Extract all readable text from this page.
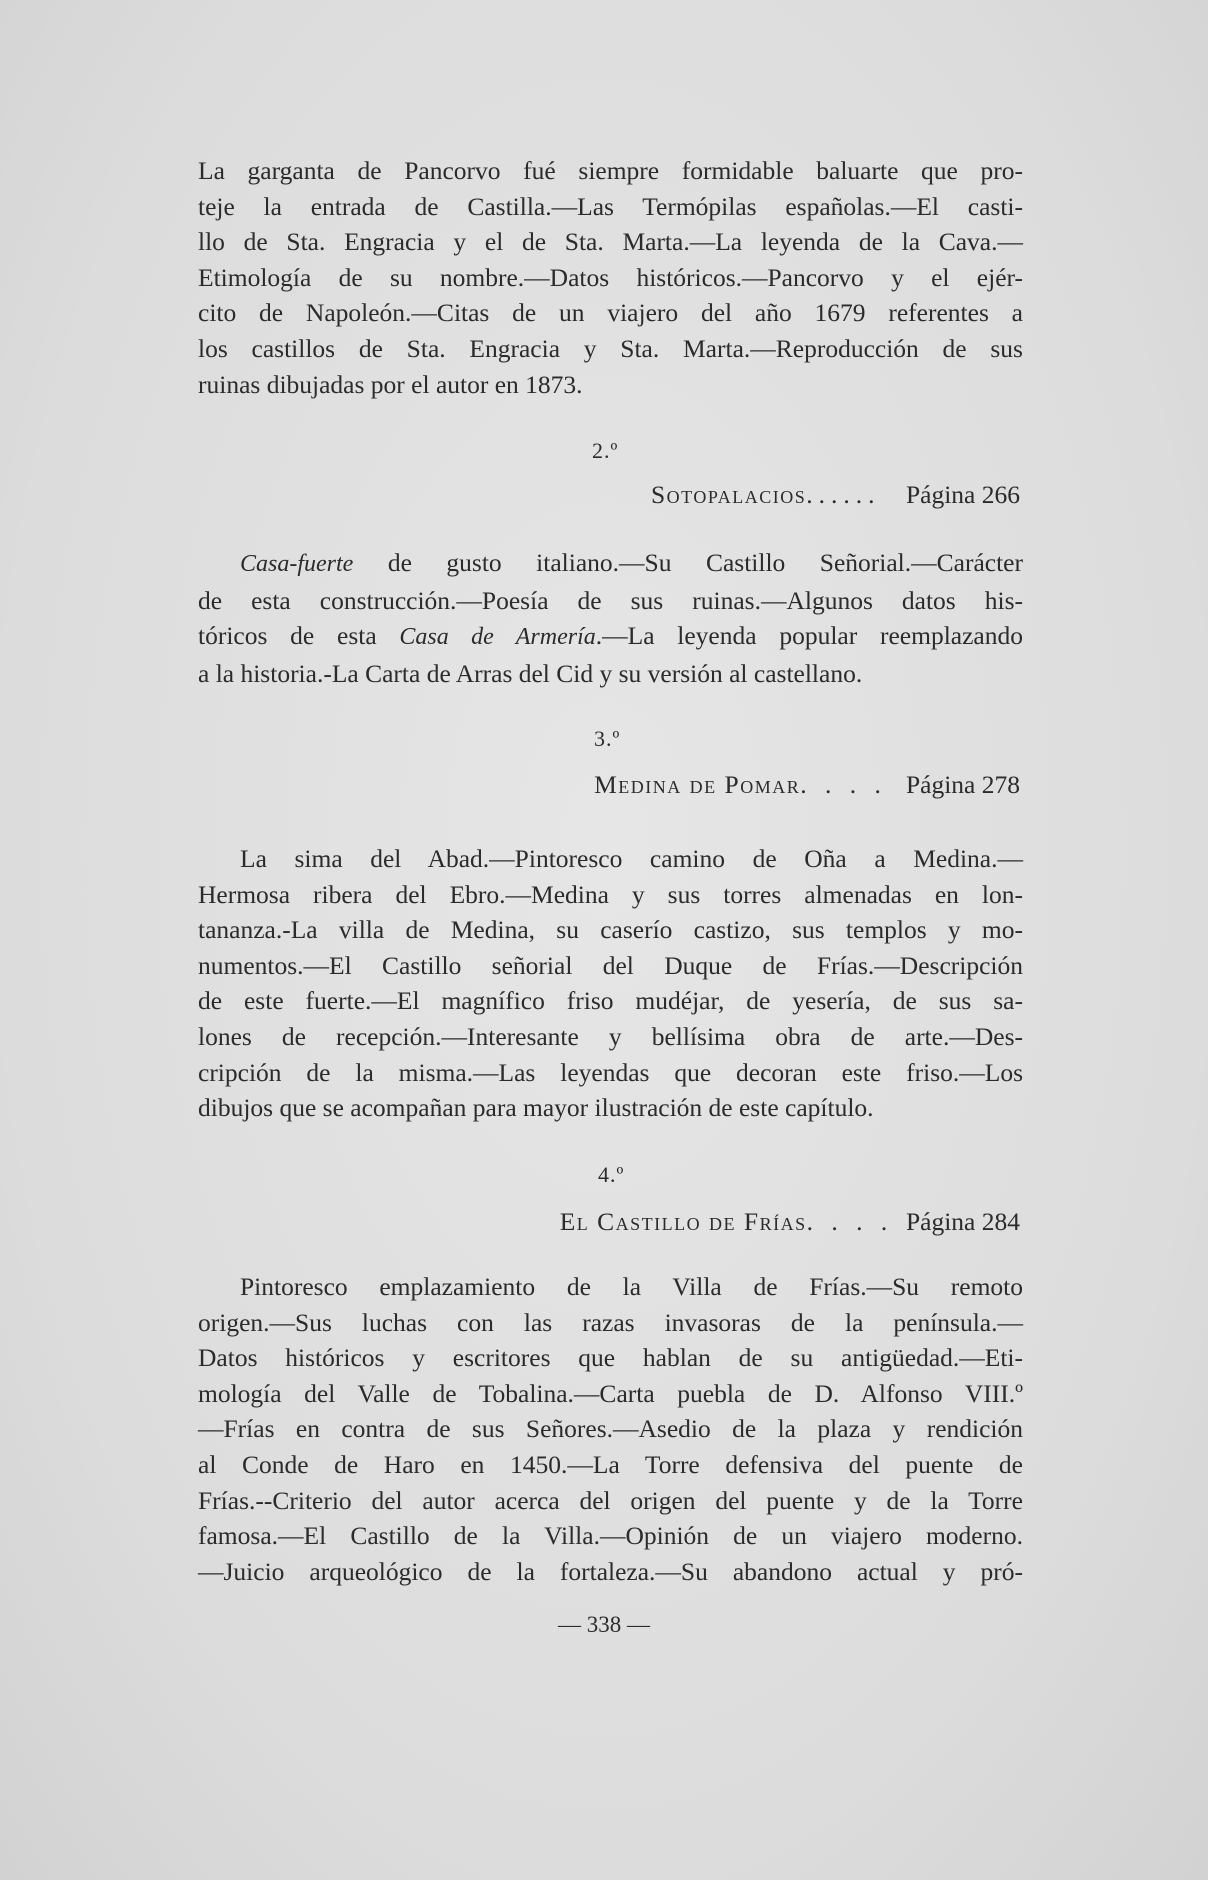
La garganta de Pancorvo fué siempre formidable baluarte que pro-
teje la entrada de Castilla.—Las Termópilas españolas.—El casti-
llo de Sta. Engracia y el de Sta. Marta.—La leyenda de la Cava.—
Etimología de su nombre.—Datos históricos.—Pancorvo y el ejér-
cito de Napoleón.—Citas de un viajero del año 1679 referentes a
los castillos de Sta. Engracia y Sta. Marta.—Reproducción de sus
ruinas dibujadas por el autor en 1873.

2.º
Sotopalacios...... Página 266

Casa-fuerte de gusto italiano.—Su Castillo Señorial.—Carácter
de esta construcción.—Poesía de sus ruinas.—Algunos datos his-
tóricos de esta Casa de Armería.—La leyenda popular reemplazando
a la historia.-La Carta de Arras del Cid y su versión al castellano.

3.º
Medina de Pomar. . . . Página 278

La sima del Abad.—Pintoresco camino de Oña a Medina.—
Hermosa ribera del Ebro.—Medina y sus torres almenadas en lon-
tananza.-La villa de Medina, su caserío castizo, sus templos y mo-
numentos.—El Castillo señorial del Duque de Frías.—Descripción
de este fuerte.—El magnífico friso mudéjar, de yesería, de sus sa-
lones de recepción.—Interesante y bellísima obra de arte.—Des-
cripción de la misma.—Las leyendas que decoran este friso.—Los
dibujos que se acompañan para mayor ilustración de este capítulo.

4.º
El Castillo de Frías. . . . Página 284

Pintoresco emplazamiento de la Villa de Frías.—Su remoto
origen.—Sus luchas con las razas invasoras de la península.—
Datos históricos y escritores que hablan de su antigüedad.—Eti-
mología del Valle de Tobalina.—Carta puebla de D. Alfonso VIII.º
—Frías en contra de sus Señores.—Asedio de la plaza y rendición
al Conde de Haro en 1450.—La Torre defensiva del puente de
Frías.--Criterio del autor acerca del origen del puente y de la Torre
famosa.—El Castillo de la Villa.—Opinión de un viajero moderno.
—Juicio arqueológico de la fortaleza.—Su abandono actual y pró-

— 338 —
